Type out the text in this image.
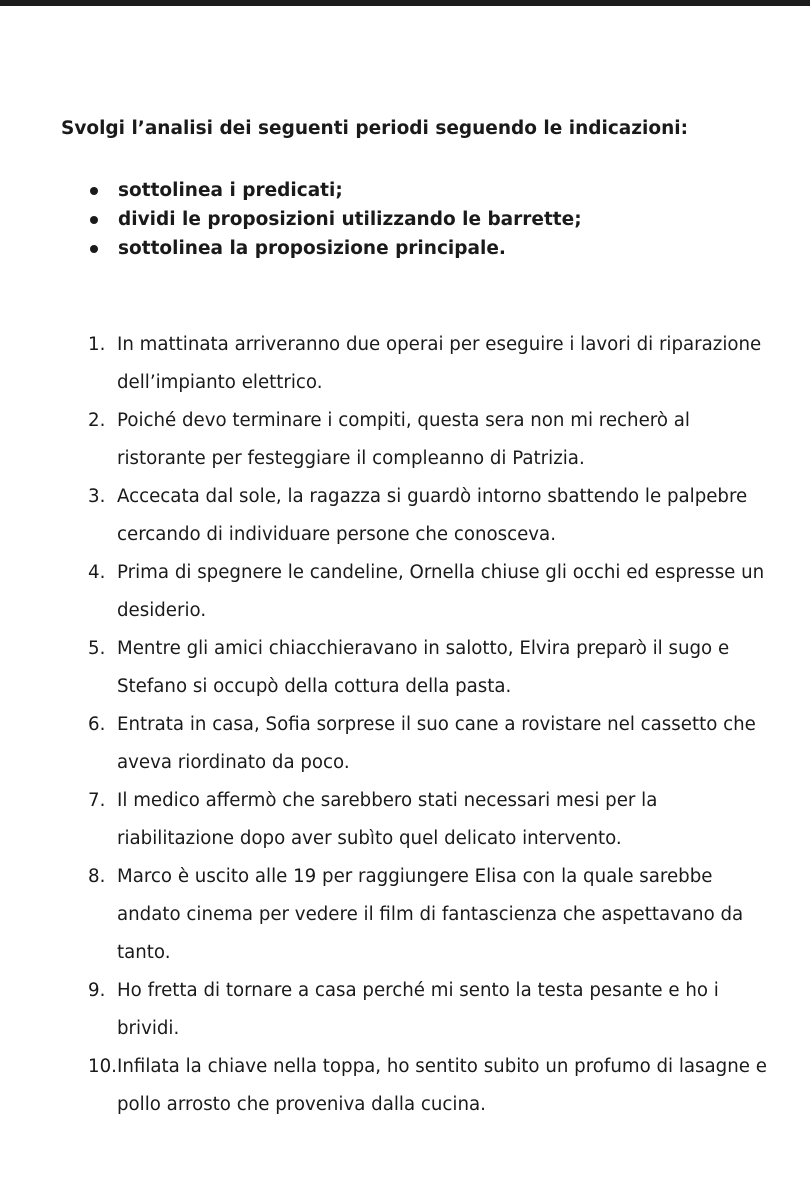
Svolgi l’analisi dei seguenti periodi seguendo le indicazioni:
sottolinea i predicati;
dividi le proposizioni utilizzando le barrette;
sottolinea la proposizione principale.
1. In mattinata arriveranno due operai per eseguire i lavori di riparazione dell’impianto elettrico.
2. Poiché devo terminare i compiti, questa sera non mi recherò al ristorante per festeggiare il compleanno di Patrizia.
3. Accecata dal sole, la ragazza si guardò intorno sbattendo le palpebre cercando di individuare persone che conosceva.
4. Prima di spegnere le candeline, Ornella chiuse gli occhi ed espresse un desiderio.
5. Mentre gli amici chiacchieravano in salotto, Elvira preparò il sugo e Stefano si occupò della cottura della pasta.
6. Entrata in casa, Sofia sorprese il suo cane a rovistare nel cassetto che aveva riordinato da poco.
7. Il medico affermò che sarebbero stati necessari mesi per la riabilitazione dopo aver subìto quel delicato intervento.
8. Marco è uscito alle 19 per raggiungere Elisa con la quale sarebbe andato cinema per vedere il film di fantascienza che aspettavano da tanto.
9. Ho fretta di tornare a casa perché mi sento la testa pesante e ho i brividi.
10. Infilata la chiave nella toppa, ho sentito subito un profumo di lasagne e pollo arrosto che proveniva dalla cucina.
